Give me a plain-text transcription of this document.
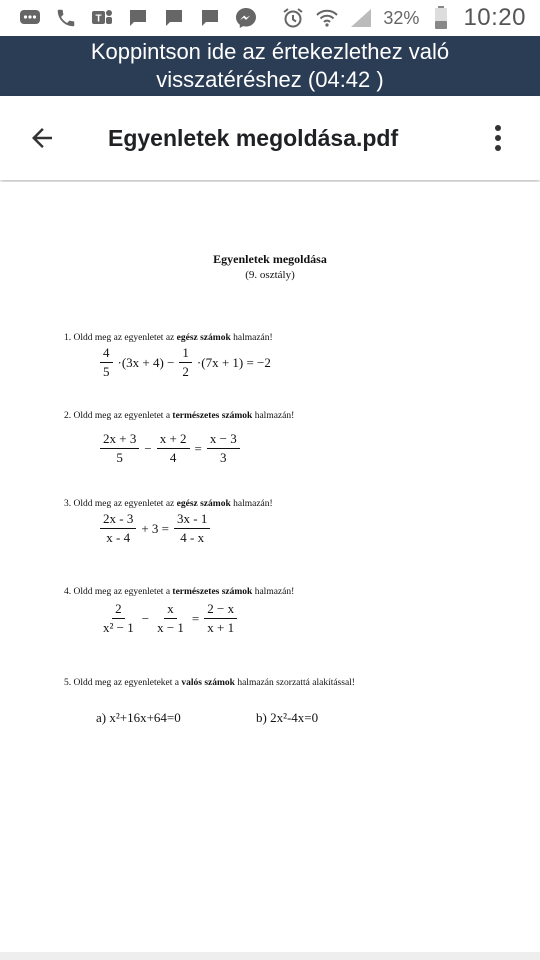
T	32% 10:20
Koppintson ide az értekezlethez való
visszatéréshez (04:42 )
Egyenletek megoldása.pdf
Egyenletek megoldása
(9. osztály)
1. Oldd meg az egyenletet az egész számok halmazán!
$\frac{4}{5} \cdot(3x + 4) - \frac{1}{2} \cdot(7x + 1) = -2$
2. Oldd meg az egyenletet a természetes számok halmazán!
$\frac{2x + 3}{5} - \frac{x + 2}{4} = \frac{x - 3}{3}$
3. Oldd meg az egyenletet az egész számok halmazán!
$\frac{2x - 3}{x - 4} + 3 = \frac{3x - 1}{4 - x}$
4. Oldd meg az egyenletet a természetes számok halmazán!
$\frac{2}{\text{x² − 1}} - \frac{x}{x - 1} = \frac{2 - x}{x + 1}$
5. Oldd meg az egyenleteket a valós számok halmazán szorzattá alakítással!
a) x²+16x+64=0	b) 2x²-4x=0
